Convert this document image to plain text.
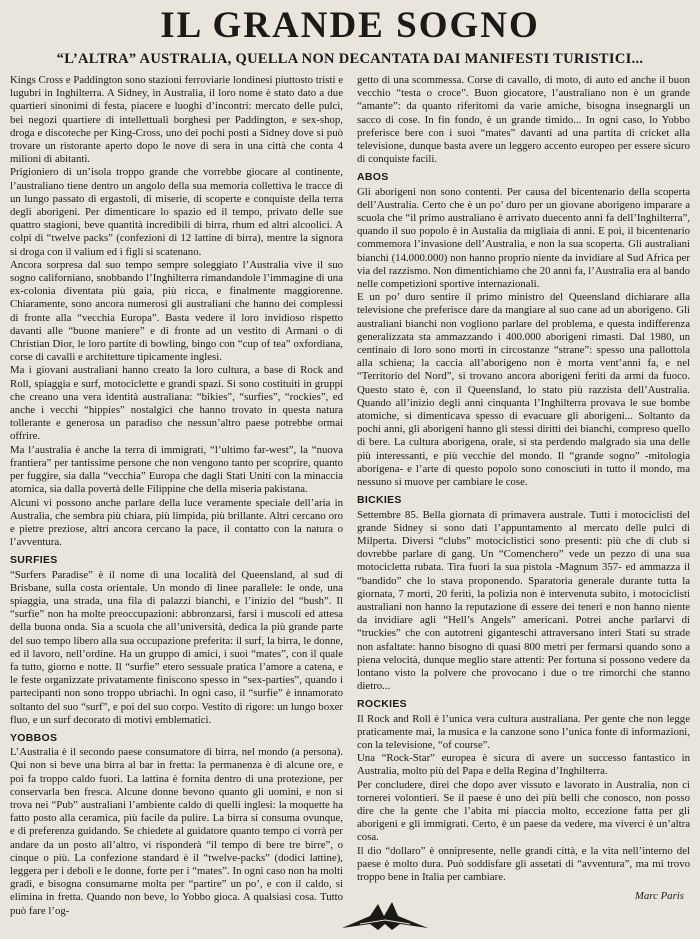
IL GRANDE SOGNO
“L’ALTRA” AUSTRALIA, QUELLA NON DECANTATA DAI MANIFESTI TURISTICI...

Kings Cross e Paddington sono stazioni ferroviarie londinesi piuttosto tristi e lugubri in Inghilterra. A Sidney, in Australia, il loro nome è stato dato a due quartieri sinonimi di festa, piacere e luoghi d’incontri: mercato delle pulci, bei negozi quartiere di intellettuali borghesi per Paddington, e sex-shop, droga e discoteche per King-Cross, uno dei pochi posti a Sidney dove si può trovare un ristorante aperto dopo le nove di sera in una città che conta 4 milioni di abitanti.

Prigioniero di un’isola troppo grande che vorrebbe giocare al continente, l’australiano tiene dentro un angolo della sua memoria collettiva le tracce di un lungo passato di ergastoli, di miserie, di scoperte e conquiste della terra degli aborigeni. Per dimenticare lo spazio ed il tempo, privato delle sue quattro stagioni, beve quantità incredibili di birra, rhum ed altri alcoolici. A colpi di “twelve packs” (confezioni di 12 lattine di birra), mentre la signora si droga con il valium ed i figli si scatenano.

Ancora sorpresa dal suo tempo sempre soleggiato l’Australia vive il suo sogno californiano, snobbando l’Inghilterra rimandandole l’immagine di una ex-colonia diventata più gaia, più ricca, e finalmente maggiorenne. Chiaramente, sono ancora numerosi gli australiani che hanno dei complessi di fronte alla “vecchia Europa”. Basta vedere il loro invidioso rispetto davanti alle “buone maniere” e di fronte ad un vestito di Armani o di Christian Dior, le loro partite di bowling, bingo con “cup of tea” oxfordiana, corse di cavalli e architetture tipicamente inglesi.

Ma i giovani australiani hanno creato la loro cultura, a base di Rock and Roll, spiaggia e surf, motociclette e grandi spazi. Si sono costituiti in gruppi che creano una vera identità australiana: “bikies”, “surfies”, “rockies”, ed anche i vecchi “hippies” nostalgici che hanno trovato in questa natura tollerante e generosa un paradiso che nessun’altro paese potrebbe ormai offrire.

Ma l’australia è anche la terra di immigrati, “l’ultimo far-west”, la “nuova frantiera” per tantissime persone che non vengono tanto per scoprire, quanto per fuggire, sia dalla “vecchia” Europa che dagli Stati Uniti con la minaccia atomica, sia dalla povertà delle Filippine che della miseria pakistana.

Alcuni vi possono anche parlare della luce veramente speciale dell’aria in Australia, che sembra più chiara, più limpida, più brillante. Altri cercano oro e pietre preziose, altri ancora cercano la pace, il contatto con la natura o l’avventura.

SURFIES

“Surfers Paradise” è il nome di una località del Queensland, al sud di Brisbane, sulla costa orientale. Un mondo di linee parallele: le onde, una spiaggia, una strada, una fila di palazzi bianchi, e l’inizio del “bush”. Il “surfie” non ha molte preoccupazioni: abbronzarsi, farsi i muscoli ed attesa della buona onda. Sia a scuola che all’università, dedica la più grande parte del suo tempo libero alla sua occupazione preferita: il surf, la birra, le donne, ed il lavoro, nell’ordine. Ha un gruppo di amici, i suoi “mates”, con il quale fa tutto, giorno e notte. Il “surfie” etero sessuale pratica l’amore a catena, e le feste organizzate privatamente finiscono spesso in “sex-parties”, quando i partecipanti non sono troppo ubriachi. In ogni caso, il “surfie” è innamorato soltanto del suo “surf”, e poi del suo corpo. Vestito di rigore: un lungo boxer fluo, e un surf decorato di motivi emblematici.

YOBBOS

L’Australia è il secondo paese consumatore di birra, nel mondo (a persona). Qui non si beve una birra al bar in fretta: la permanenza è di alcune ore, e poi fa troppo caldo fuori. La lattina è fornita dentro di una protezione, per conservarla ben fresca. Alcune donne bevono quanto gli uomini, e non si trova nei “Pub” australiani l’ambiente caldo di quelli inglesi: la moquette ha fatto posto alla ceramica, più facile da pulire. La birra si consuma ovunque, e di preferenza guidando. Se chiedete al guidatore quanto tempo ci vorrà per andare da un posto all’altro, vi risponderà “il tempo di bere tre birre”, o cinque o più. La confezione standard è il “twelve-packs” (dodici lattine), leggera per i deboli e le donne, forte per i “mates”. In ogni caso non ha molti gradi, e bisogna consumarne molta per “partire” un po’, e con il caldo, si elimina in fretta. Quando non beve, lo Yobbo gioca. A qualsiasi cosa. Tutto può fare l’og-

getto di una scommessa. Corse di cavallo, di moto, di auto ed anche il buon vecchio “testa o croce”. Buon giocatore, l’australiano non è un grande “amante”: da quanto riferitomi da varie amiche, bisogna insegnargli un sacco di cose. In fin fondo, è un grande timido... In ogni caso, lo Yobbo preferisce bere con i suoi “mates” davanti ad una partita di cricket alla televisione, dunque basta avere un leggero accento europeo per essere sicuro di conquiste facili.

ABOS

Gli aborigeni non sono contenti. Per causa del bicentenario della scoperta dell’Australia. Certo che è un po’ duro per un giovane aborigeno imparare a scuola che “il primo australiano è arrivato duecento anni fa dell’Inghilterra”, quando il suo popolo è in Austalia da migliaia di anni. E poi, il bicentenario commemora l’invasione dell’Australia, e non la sua scoperta. Gli australiani bianchi (14.000.000) non hanno proprio niente da invidiare al Sud Africa per via del razzismo. Non dimentichiamo che 20 anni fa, l’Australia era al bando nelle competizioni sportive internazionali.

E un po’ duro sentire il primo ministro del Queensland dichiarare alla televisione che preferisce dare da mangiare al suo cane ad un aborigeno. Gli australiani bianchi non vogliono parlare del problema, e questa indifferenza generalizzata sta ammazzando i 400.000 aborigeni rimasti. Dal 1980, un centinaio di loro sono morti in circostanze “strane”: spesso una pallottola alla schiena; la caccia all’aborigeno non è morta vent’anni fa, e nel “Territorio del Nord”, si trovano ancora aborigeni feriti da armi da fuoco. Questo stato è, con il Queensland, lo stato più razzista dell’Australia. Quando all’inizio degli anni cinquanta l’Inghilterra provava le sue bombe atomiche, si dimenticava spesso di evacuare gli aborigeni... Soltanto da pochi anni, gli aborigeni hanno gli stessi diritti dei bianchi, compreso quello di bere. La cultura aborigena, orale, si sta perdendo malgrado sia una delle più interessanti, e più vecchie del mondo. Il “grande sogno” -mitologia aborigena- e l’arte di questo popolo sono conosciuti in tutto il mondo, ma nessuno si muove per cambiare le cose.

BICKIES

Settembre 85. Bella giornata di primavera australe. Tutti i motociclisti del grande Sidney si sono dati l’appuntamento al mercato delle pulci di Milperta. Diversi “clubs” motociclistici sono presenti: più che di club si dovrebbe parlare di gang. Un “Comenchero” vede un pezzo di una sua motocicletta rubata. Tira fuori la sua pistola -Magnum 357- ed ammazza il “bandido” che lo stava proponendo. Sparatoria generale durante tutta la giornata, 7 morti, 20 feriti, la polizia non è intervenuta subito, i motociclisti australiani non hanno la reputazione di essere dei teneri e non hanno niente da invidiare agli “Hell’s Angels” americani. Potrei anche parlarvi di “truckies” che con autotreni giganteschi attraversano interi Stati su strade non asfaltate: hanno bisogno di quasi 800 metri per fermarsi quando sono a piena velocità, dunque meglio stare attenti: Per fortuna si possono vedere da lontano visto la polvere che provocano i due o tre rimorchi che stanno dietro...

ROCKIES

Il Rock and Roll è l’unica vera cultura australiana. Per gente che non legge praticamente mai, la musica e la canzone sono l’unica fonte di informazioni, con la televisione, “of course”.

Una “Rock-Star” europea è sicura di avere un successo fantastico in Australia, molto più del Papa e della Regina d’Inghilterra.

Per concludere, direi che dopo aver vissuto e lavorato in Australia, non ci tornerei volontieri. Se il paese è uno dei più belli che conosco, non posso dire che la gente che l’abita mi piaccia molto, eccezione fatta per gli aborigeni e gli immigrati. Certo, è un paese da vedere, ma viverci è un’altra cosa.

Il dio “dollaro” è onnipresente, nelle grandi città, e la vita nell’interno del paese è molto dura. Può soddisfare gli assetati di “avventura”, ma mi trovo troppo bene in Italia per cambiare.

Marc Paris
